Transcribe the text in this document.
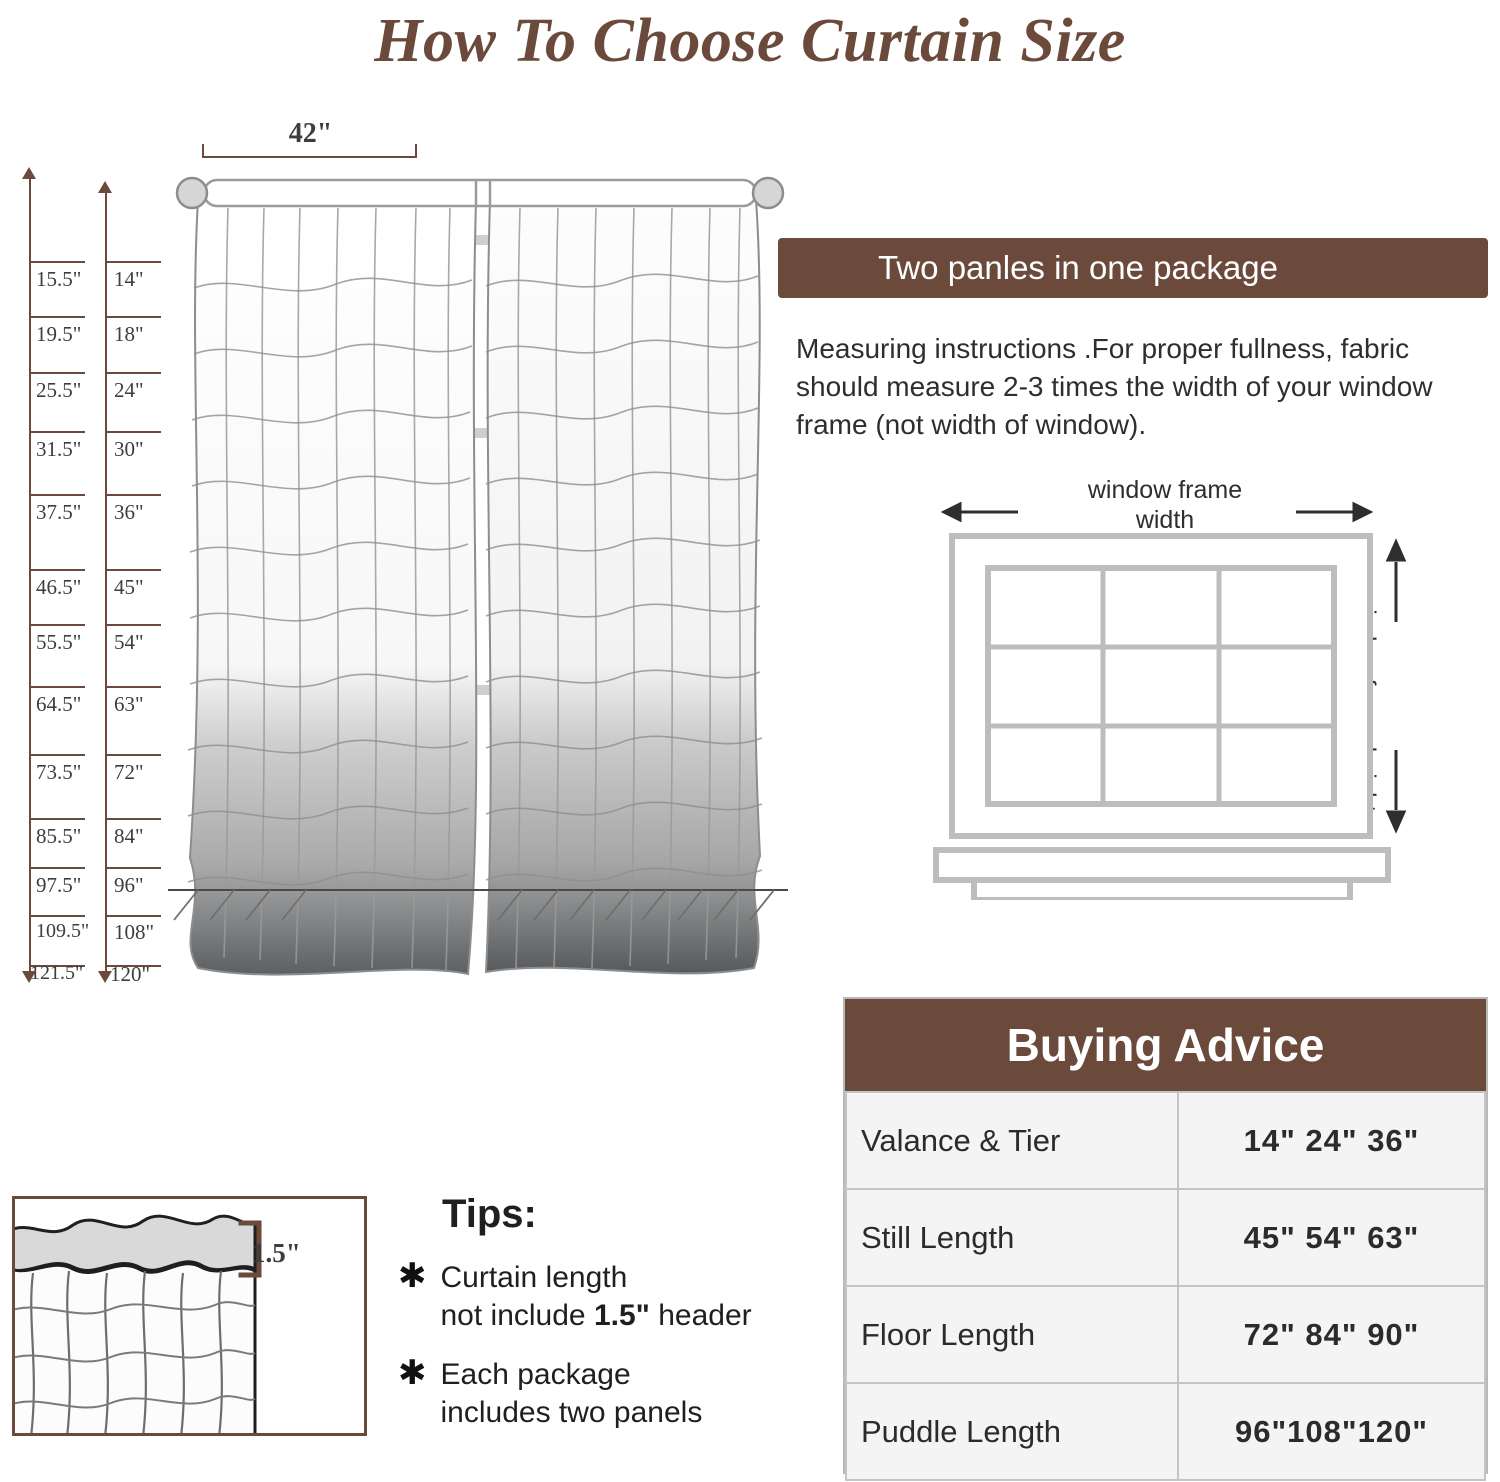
How To Choose Curtain Size
42"
15.5" 14"
19.5" 18"
25.5" 24"
31.5" 30"
37.5" 36"
46.5" 45"
55.5" 54"
64.5" 63"
73.5" 72"
85.5" 84"
97.5" 96"
109.5" 108"
121.5" 120"
Two panles in one package
Measuring instructions .For proper fullness, fabric should measure 2-3 times the width of your window frame (not width of window).
window frame
width
Buying Advice
Valance & Tier	14" 24" 36"
Still Length	45" 54" 63"
Floor Length	72" 84" 90"
Puddle Length	96"108"120"
1.5"
Tips:
✱ Curtain length
not include 1.5" header
✱ Each package
includes two panels
